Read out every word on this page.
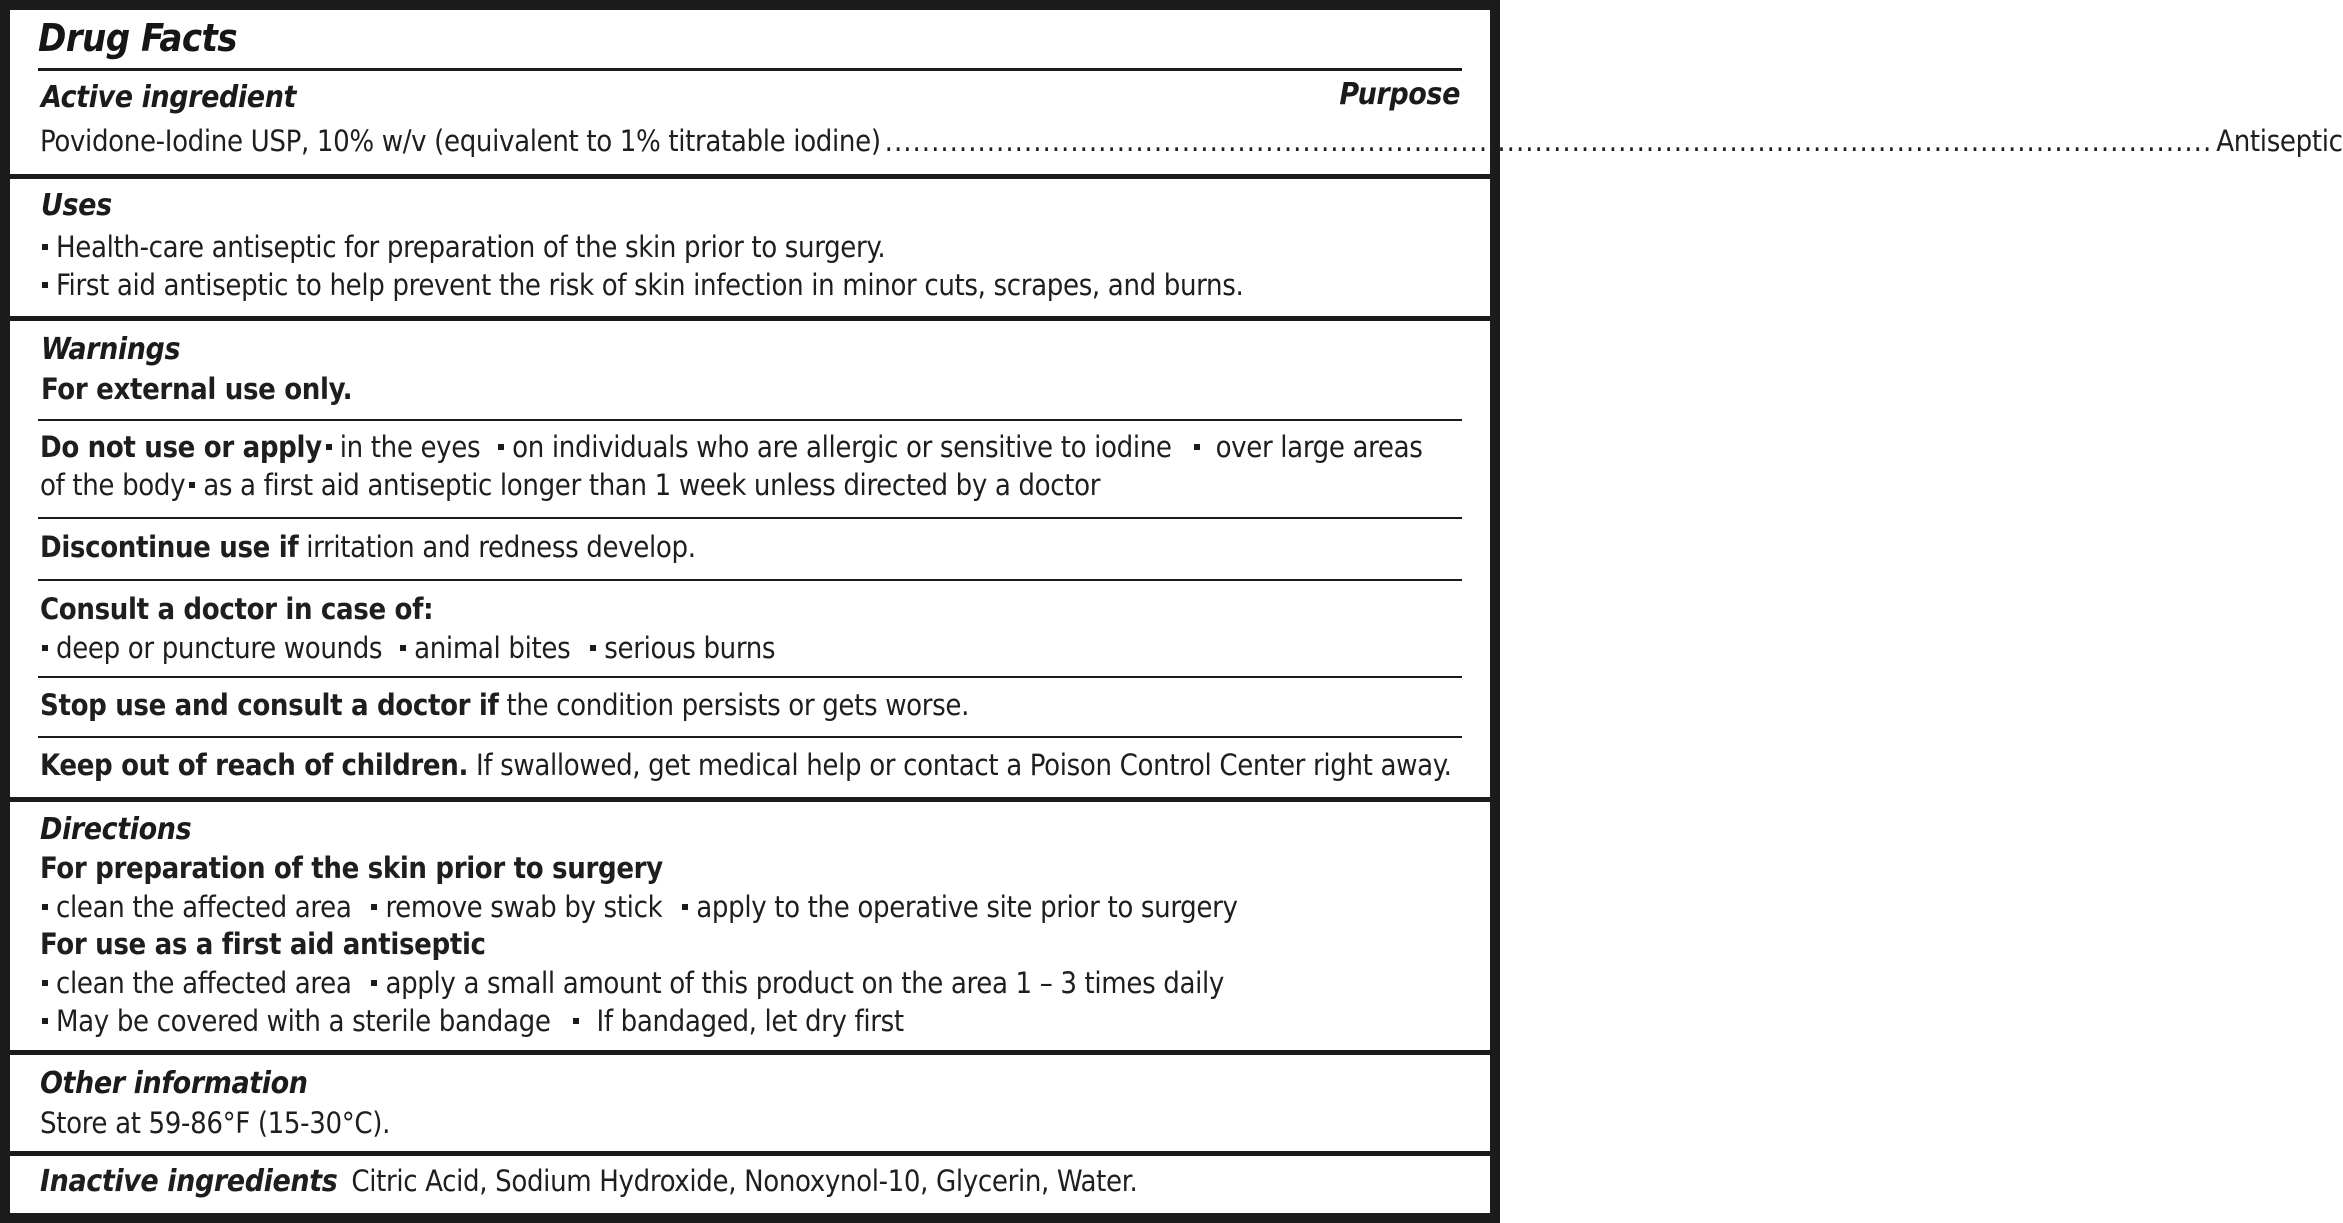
Drug Facts
Active ingredient	Purpose
Povidone-Iodine USP, 10% w/v (equivalent to 1% titratable iodine) ............................................................................................................................................... Antiseptic
Uses
Health-care antiseptic for preparation of the skin prior to surgery.
First aid antiseptic to help prevent the risk of skin infection in minor cuts, scrapes, and burns.
Warnings
For external use only.
Do not use or apply in the eyes on individuals who are allergic or sensitive to iodine over large areas
of the body as a first aid antiseptic longer than 1 week unless directed by a doctor
Discontinue use if irritation and redness develop.
Consult a doctor in case of:
deep or puncture wounds animal bites serious burns
Stop use and consult a doctor if the condition persists or gets worse.
Keep out of reach of children. If swallowed, get medical help or contact a Poison Control Center right away.
Directions
For preparation of the skin prior to surgery
clean the affected area remove swab by stick apply to the operative site prior to surgery
For use as a first aid antiseptic
clean the affected area apply a small amount of this product on the area 1 – 3 times daily
May be covered with a sterile bandage If bandaged, let dry first
Other information
Store at 59-86°F (15-30°C).
Inactive ingredients Citric Acid, Sodium Hydroxide, Nonoxynol-10, Glycerin, Water.
